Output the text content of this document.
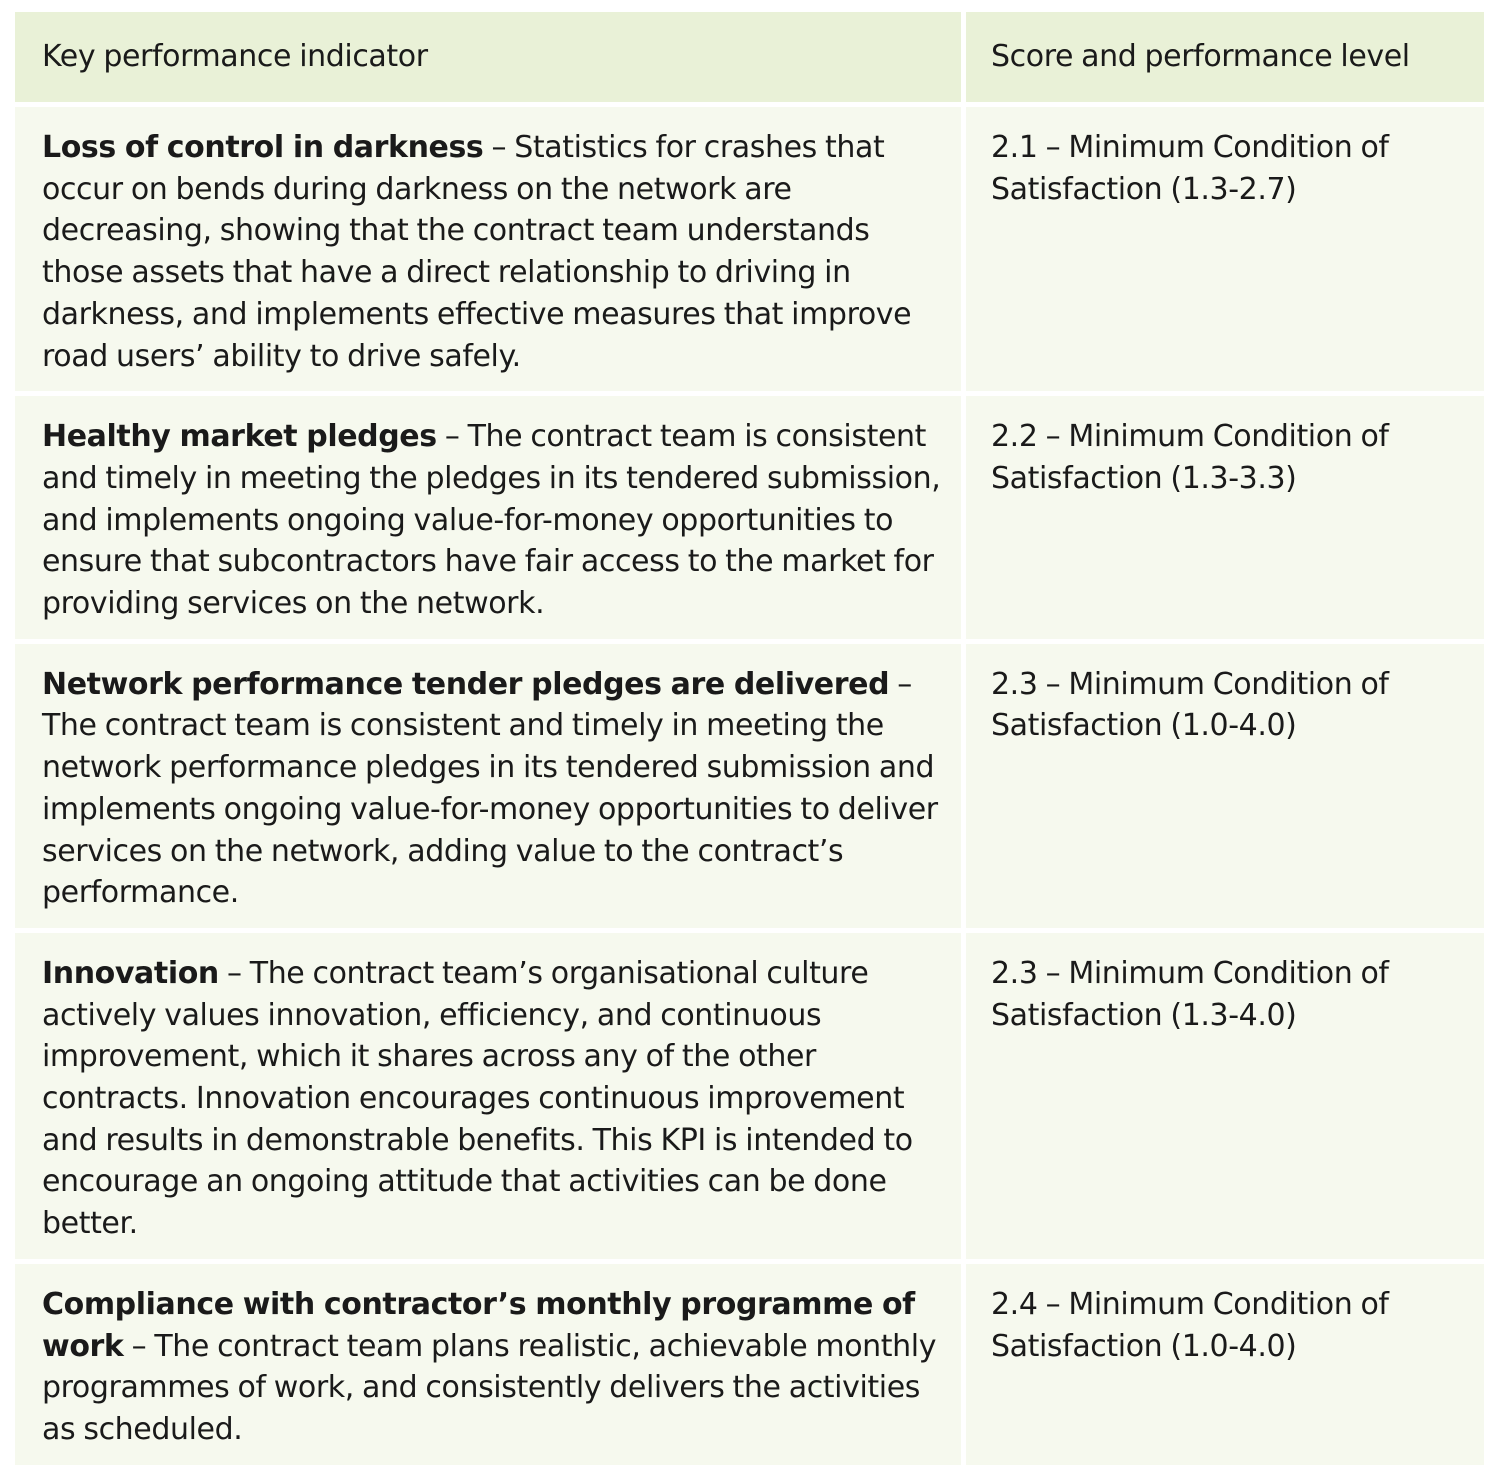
Key performance indicator	Score and performance level
Loss of control in darkness – Statistics for crashes that occur on bends during darkness on the network are decreasing, showing that the contract team understands those assets that have a direct relationship to driving in darkness, and implements effective measures that improve road users’ ability to drive safely.	2.1 – Minimum Condition of Satisfaction (1.3-2.7)
Healthy market pledges – The contract team is consistent and timely in meeting the pledges in its tendered submission, and implements ongoing value-for-money opportunities to ensure that subcontractors have fair access to the market for providing services on the network.	2.2 – Minimum Condition of Satisfaction (1.3-3.3)
Network performance tender pledges are delivered – The contract team is consistent and timely in meeting the network performance pledges in its tendered submission and implements ongoing value-for-money opportunities to deliver services on the network, adding value to the contract’s performance.	2.3 – Minimum Condition of Satisfaction (1.0-4.0)
Innovation – The contract team’s organisational culture actively values innovation, efficiency, and continuous improvement, which it shares across any of the other contracts. Innovation encourages continuous improvement and results in demonstrable benefits. This KPI is intended to encourage an ongoing attitude that activities can be done better.	2.3 – Minimum Condition of Satisfaction (1.3-4.0)
Compliance with contractor’s monthly programme of work – The contract team plans realistic, achievable monthly programmes of work, and consistently delivers the activities as scheduled.	2.4 – Minimum Condition of Satisfaction (1.0-4.0)
